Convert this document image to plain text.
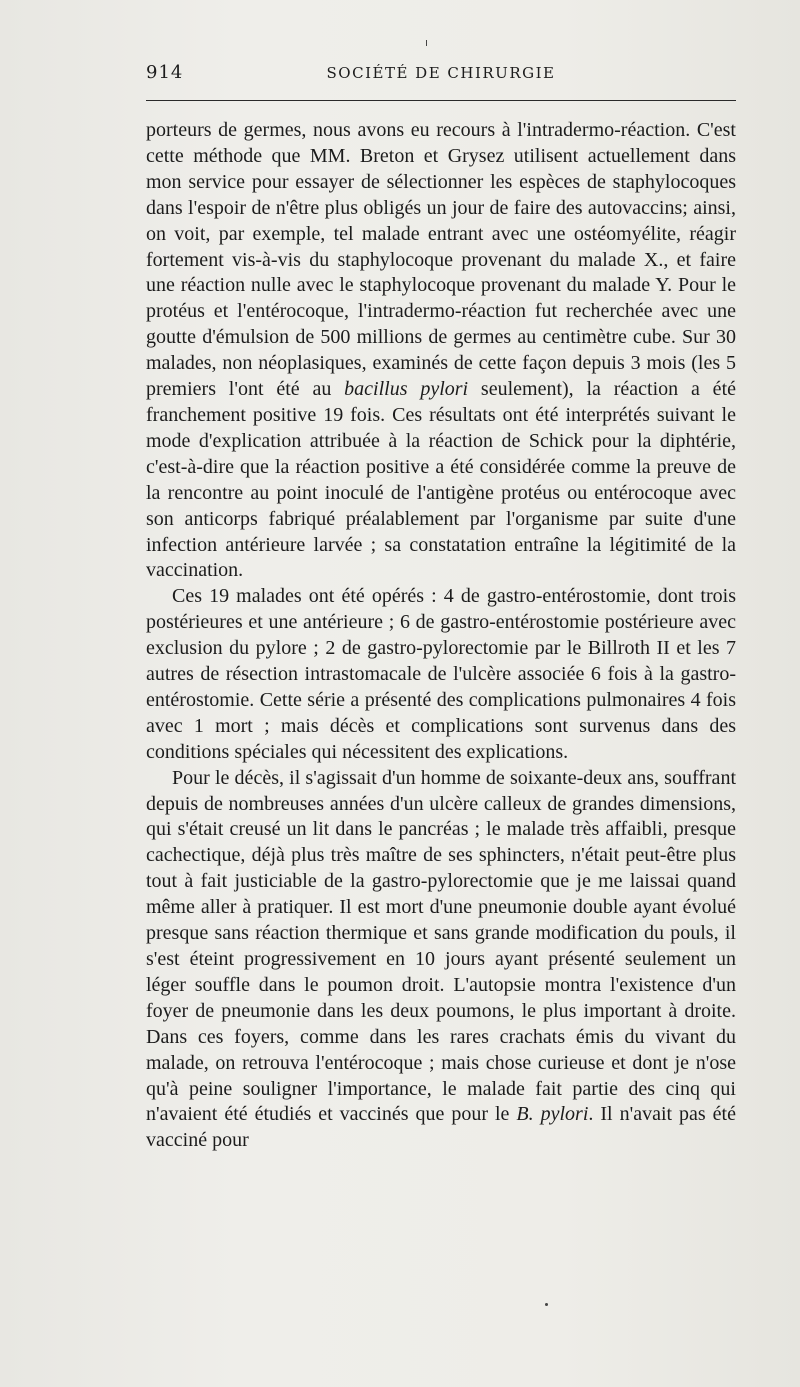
914	SOCIÉTÉ DE CHIRURGIE

porteurs de germes, nous avons eu recours à l'intradermo-réaction. C'est cette méthode que MM. Breton et Grysez utilisent actuellement dans mon service pour essayer de sélectionner les espèces de staphylocoques dans l'espoir de n'être plus obligés un jour de faire des autovaccins; ainsi, on voit, par exemple, tel malade entrant avec une ostéomyélite, réagir fortement vis-à-vis du staphylocoque provenant du malade X., et faire une réaction nulle avec le staphylocoque provenant du malade Y. Pour le protéus et l'entérocoque, l'intradermo-réaction fut recherchée avec une goutte d'émulsion de 500 millions de germes au centimètre cube. Sur 30 malades, non néoplasiques, examinés de cette façon depuis 3 mois (les 5 premiers l'ont été au bacillus pylori seulement), la réaction a été franchement positive 19 fois. Ces résultats ont été interprétés suivant le mode d'explication attribuée à la réaction de Schick pour la diphtérie, c'est-à-dire que la réaction positive a été considérée comme la preuve de la rencontre au point inoculé de l'antigène protéus ou entérocoque avec son anticorps fabriqué préalablement par l'organisme par suite d'une infection antérieure larvée ; sa constatation entraîne la légitimité de la vaccination.

Ces 19 malades ont été opérés : 4 de gastro-entérostomie, dont trois postérieures et une antérieure ; 6 de gastro-entérostomie postérieure avec exclusion du pylore ; 2 de gastro-pylorectomie par le Billroth II et les 7 autres de résection intrastomacale de l'ulcère associée 6 fois à la gastro-entérostomie. Cette série a présenté des complications pulmonaires 4 fois avec 1 mort ; mais décès et complications sont survenus dans des conditions spéciales qui nécessitent des explications.

Pour le décès, il s'agissait d'un homme de soixante-deux ans, souffrant depuis de nombreuses années d'un ulcère calleux de grandes dimensions, qui s'était creusé un lit dans le pancréas ; le malade très affaibli, presque cachectique, déjà plus très maître de ses sphincters, n'était peut-être plus tout à fait justiciable de la gastro-pylorectomie que je me laissai quand même aller à pratiquer. Il est mort d'une pneumonie double ayant évolué presque sans réaction thermique et sans grande modification du pouls, il s'est éteint progressivement en 10 jours ayant présenté seulement un léger souffle dans le poumon droit. L'autopsie montra l'existence d'un foyer de pneumonie dans les deux poumons, le plus important à droite. Dans ces foyers, comme dans les rares crachats émis du vivant du malade, on retrouva l'entérocoque ; mais chose curieuse et dont je n'ose qu'à peine souligner l'importance, le malade fait partie des cinq qui n'avaient été étudiés et vaccinés que pour le B. pylori. Il n'avait pas été vacciné pour
